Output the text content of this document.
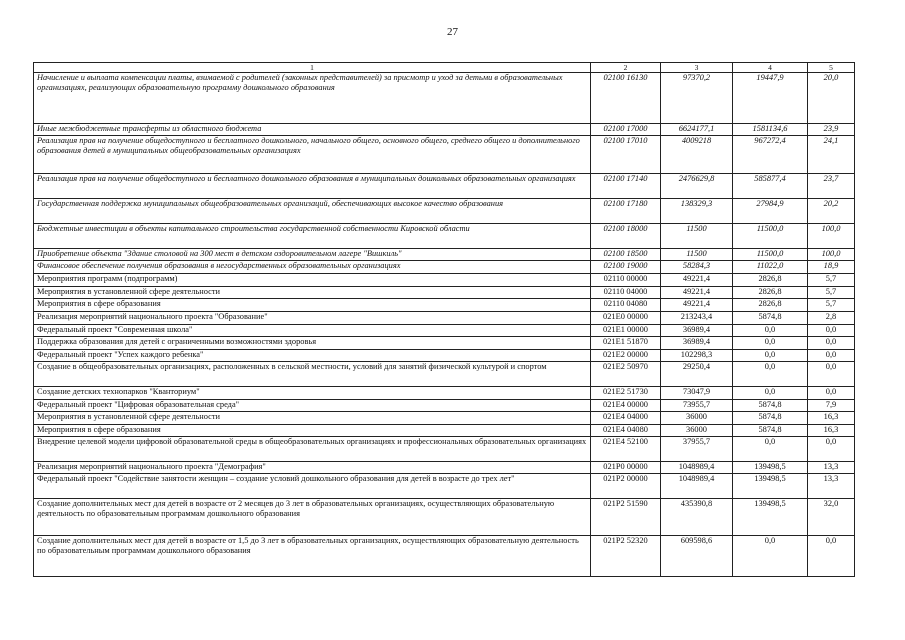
27
1	2	3	4	5
Начисление и выплата компенсации платы, взимаемой с родителей (законных представителей) за присмотр и уход за детьми в образовательных организациях, реализующих образовательную программу дошкольного образования	02100 16130	97370,2	19447,9	20,0
Иные межбюджетные трансферты из областного бюджета	02100 17000	6624177,1	1581134,6	23,9
Реализация прав на получение общедоступного и бесплатного дошкольного, начального общего, основного общего, среднего общего и дополнительного образования детей в муниципальных общеобразовательных организациях	02100 17010	4009218	967272,4	24,1
Реализация прав на получение общедоступного и бесплатного дошкольного образования в муниципальных дошкольных образовательных организациях	02100 17140	2476629,8	585877,4	23,7
Государственная поддержка муниципальных общеобразовательных организаций, обеспечивающих высокое качество образования	02100 17180	138329,3	27984,9	20,2
Бюджетные инвестиции в объекты капитального строительства государственной собственности Кировской области	02100 18000	11500	11500,0	100,0
Приобретение объекта "Здание столовой на 300 мест в детском оздоровительном лагере "Вишкиль"	02100 18500	11500	11500,0	100,0
Финансовое обеспечение получения образования в негосударственных образовательных организациях	02100 19000	58284,3	11022,0	18,9
Мероприятия программ (подпрограмм)	02110 00000	49221,4	2826,8	5,7
Мероприятия в установленной сфере деятельности	02110 04000	49221,4	2826,8	5,7
Мероприятия в сфере образования	02110 04080	49221,4	2826,8	5,7
Реализация мероприятий национального проекта "Образование"	021E0 00000	213243,4	5874,8	2,8
Федеральный проект "Современная школа"	021E1 00000	36989,4	0,0	0,0
Поддержка образования для детей с ограниченными возможностями здоровья	021E1 51870	36989,4	0,0	0,0
Федеральный проект "Успех каждого ребенка"	021E2 00000	102298,3	0,0	0,0
Создание в общеобразовательных организациях, расположенных в сельской местности, условий для занятий физической культурой и спортом	021E2 50970	29250,4	0,0	0,0
Создание детских технопарков "Кванториум"	021E2 51730	73047,9	0,0	0,0
Федеральный проект "Цифровая образовательная среда"	021E4 00000	73955,7	5874,8	7,9
Мероприятия в установленной сфере деятельности	021E4 04000	36000	5874,8	16,3
Мероприятия в сфере образования	021E4 04080	36000	5874,8	16,3
Внедрение целевой модели цифровой образовательной среды в общеобразовательных организациях и профессиональных образовательных организациях	021E4 52100	37955,7	0,0	0,0
Реализация мероприятий национального проекта "Демография"	021P0 00000	1048989,4	139498,5	13,3
Федеральный проект "Содействие занятости женщин – создание условий дошкольного образования для детей в возрасте до трех лет"	021P2 00000	1048989,4	139498,5	13,3
Создание дополнительных мест для детей в возрасте от 2 месяцев до 3 лет в образовательных организациях, осуществляющих образовательную деятельность по образовательным программам дошкольного образования	021P2 51590	435390,8	139498,5	32,0
Создание дополнительных мест для детей в возрасте от 1,5 до 3 лет в образовательных организациях, осуществляющих образовательную деятельность по образовательным программам дошкольного образования	021P2 52320	609598,6	0,0	0,0
